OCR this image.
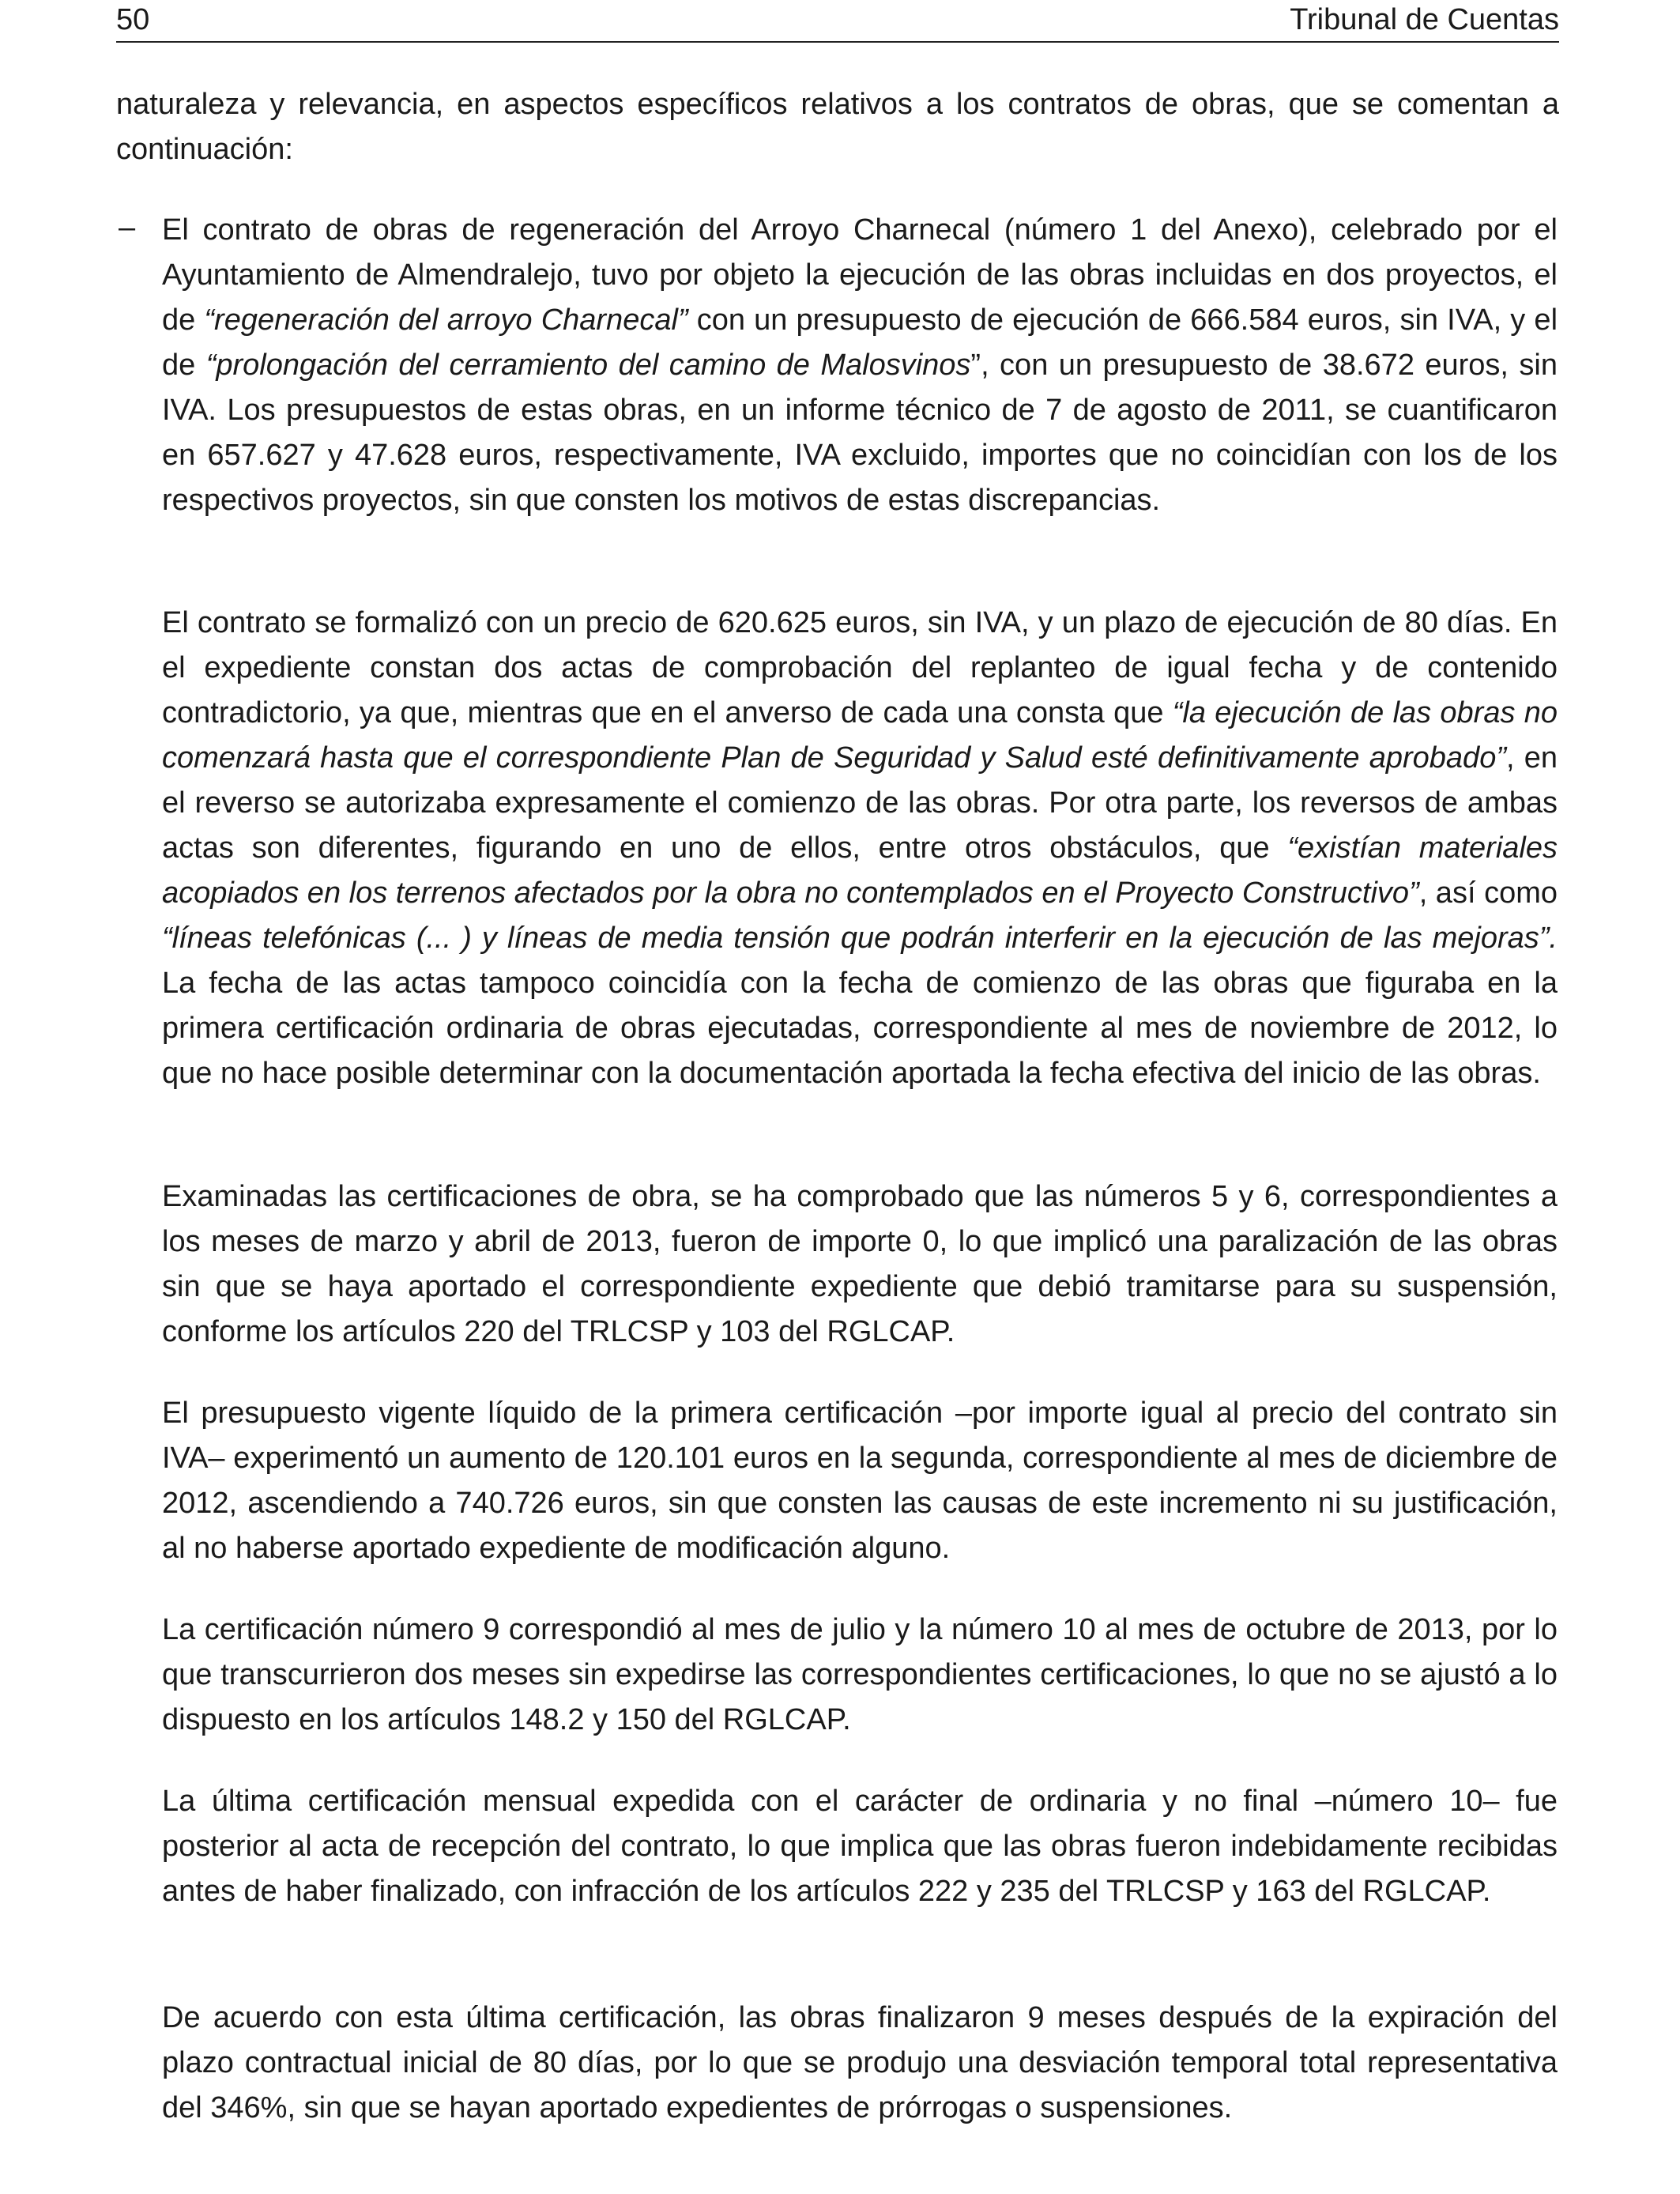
50	Tribunal de Cuentas

naturaleza y relevancia, en aspectos específicos relativos a los contratos de obras, que se comentan a continuación:

– El contrato de obras de regeneración del Arroyo Charnecal (número 1 del Anexo), celebrado por el Ayuntamiento de Almendralejo, tuvo por objeto la ejecución de las obras incluidas en dos proyectos, el de “regeneración del arroyo Charnecal” con un presupuesto de ejecución de 666.584 euros, sin IVA, y el de “prolongación del cerramiento del camino de Malosvinos”, con un presupuesto de 38.672 euros, sin IVA. Los presupuestos de estas obras, en un informe técnico de 7 de agosto de 2011, se cuantificaron en 657.627 y 47.628 euros, respectivamente, IVA excluido, importes que no coincidían con los de los respectivos proyectos, sin que consten los motivos de estas discrepancias.

El contrato se formalizó con un precio de 620.625 euros, sin IVA, y un plazo de ejecución de 80 días. En el expediente constan dos actas de comprobación del replanteo de igual fecha y de contenido contradictorio, ya que, mientras que en el anverso de cada una consta que “la ejecución de las obras no comenzará hasta que el correspondiente Plan de Seguridad y Salud esté definitivamente aprobado”, en el reverso se autorizaba expresamente el comienzo de las obras. Por otra parte, los reversos de ambas actas son diferentes, figurando en uno de ellos, entre otros obstáculos, que “existían materiales acopiados en los terrenos afectados por la obra no contemplados en el Proyecto Constructivo”, así como “líneas telefónicas (... ) y líneas de media tensión que podrán interferir en la ejecución de las mejoras”. La fecha de las actas tampoco coincidía con la fecha de comienzo de las obras que figuraba en la primera certificación ordinaria de obras ejecutadas, correspondiente al mes de noviembre de 2012, lo que no hace posible determinar con la documentación aportada la fecha efectiva del inicio de las obras.

Examinadas las certificaciones de obra, se ha comprobado que las números 5 y 6, correspondientes a los meses de marzo y abril de 2013, fueron de importe 0, lo que implicó una paralización de las obras sin que se haya aportado el correspondiente expediente que debió tramitarse para su suspensión, conforme los artículos 220 del TRLCSP y 103 del RGLCAP.

El presupuesto vigente líquido de la primera certificación –por importe igual al precio del contrato sin IVA– experimentó un aumento de 120.101 euros en la segunda, correspondiente al mes de diciembre de 2012, ascendiendo a 740.726 euros, sin que consten las causas de este incremento ni su justificación, al no haberse aportado expediente de modificación alguno.

La certificación número 9 correspondió al mes de julio y la número 10 al mes de octubre de 2013, por lo que transcurrieron dos meses sin expedirse las correspondientes certificaciones, lo que no se ajustó a lo dispuesto en los artículos 148.2 y 150 del RGLCAP.

La última certificación mensual expedida con el carácter de ordinaria y no final –número 10– fue posterior al acta de recepción del contrato, lo que implica que las obras fueron indebidamente recibidas antes de haber finalizado, con infracción de los artículos 222 y 235 del TRLCSP y 163 del RGLCAP.

De acuerdo con esta última certificación, las obras finalizaron 9 meses después de la expiración del plazo contractual inicial de 80 días, por lo que se produjo una desviación temporal total representativa del 346%, sin que se hayan aportado expedientes de prórrogas o suspensiones.
